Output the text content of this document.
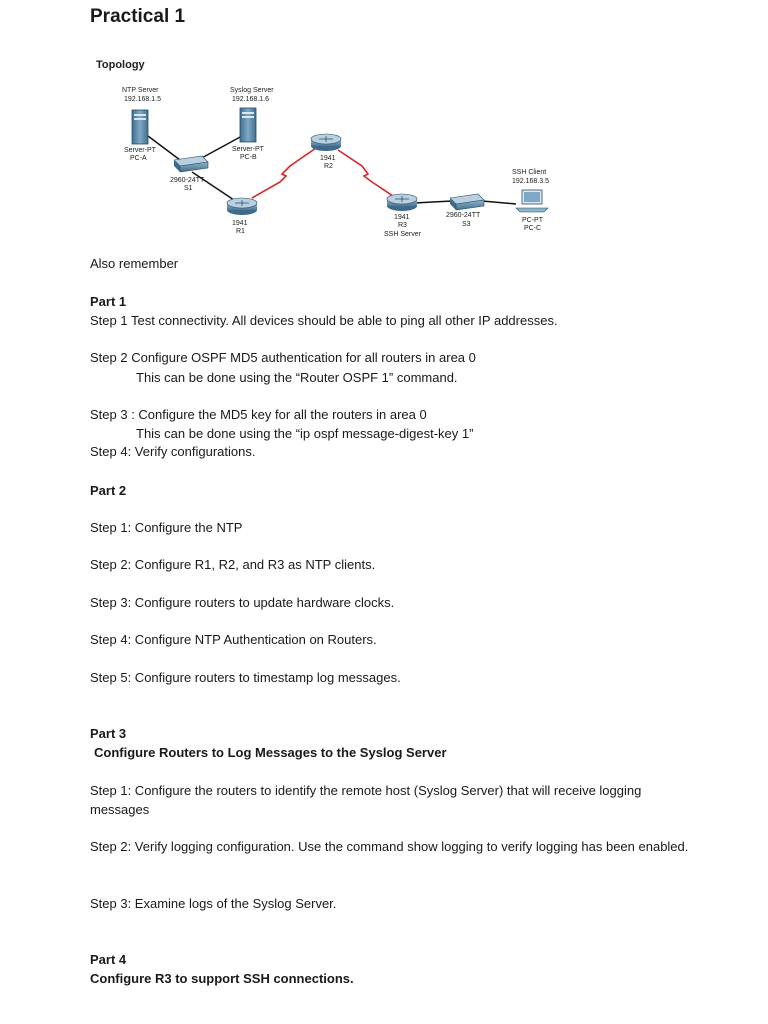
Practical 1
Topology
NTP Server
192.168.1.5
Server-PT
PC-A
Syslog Server
192.168.1.6
Server-PT
PC-B
2960-24TT
S1
1941
R1
1941
R2
1941
R3
SSH Server
2960-24TT
S3
SSH Client
192.168.3.5
PC-PT
PC-C
Also remember
Part 1
Step 1 Test connectivity. All devices should be able to ping all other IP addresses.
Step 2 Configure OSPF MD5 authentication for all routers in area 0
This can be done using the “Router OSPF 1” command.
Step 3 : Configure the MD5 key for all the routers in area 0
This can be done using the “ip ospf message-digest-key 1”
Step 4: Verify configurations.
Part 2
Step 1: Configure the NTP
Step 2: Configure R1, R2, and R3 as NTP clients.
Step 3: Configure routers to update hardware clocks.
Step 4: Configure NTP Authentication on Routers.
Step 5: Configure routers to timestamp log messages.
Part 3
Configure Routers to Log Messages to the Syslog Server
Step 1: Configure the routers to identify the remote host (Syslog Server) that will receive logging messages
Step 2: Verify logging configuration. Use the command show logging to verify logging has been enabled.
Step 3: Examine logs of the Syslog Server.
Part 4
Configure R3 to support SSH connections.
